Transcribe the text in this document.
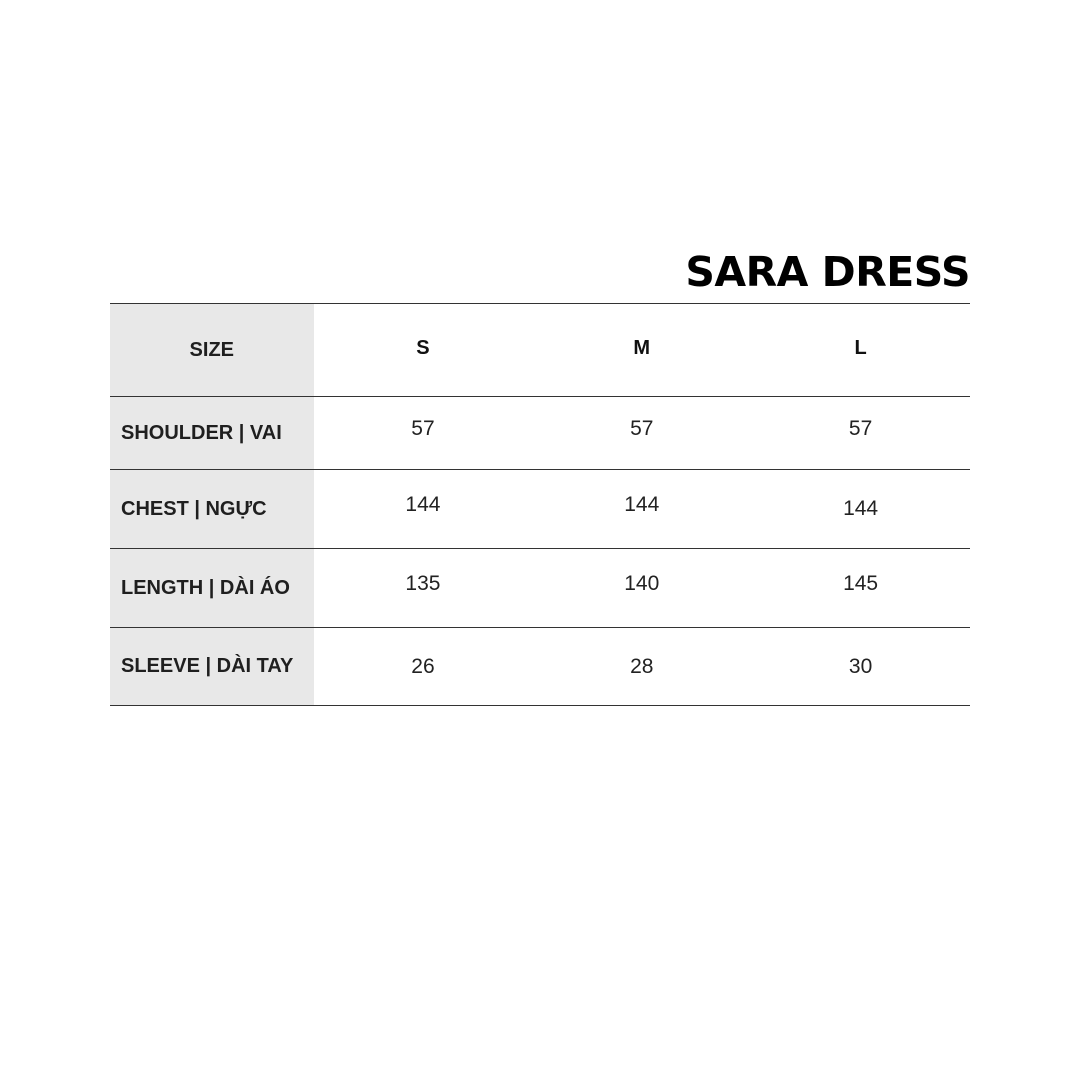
SARA DRESS
SIZE	S	M	L
SHOULDER | VAI	57	57	57
CHEST | NGỰC	144	144	144
LENGTH | DÀI ÁO	135	140	145
SLEEVE | DÀI TAY	26	28	30
